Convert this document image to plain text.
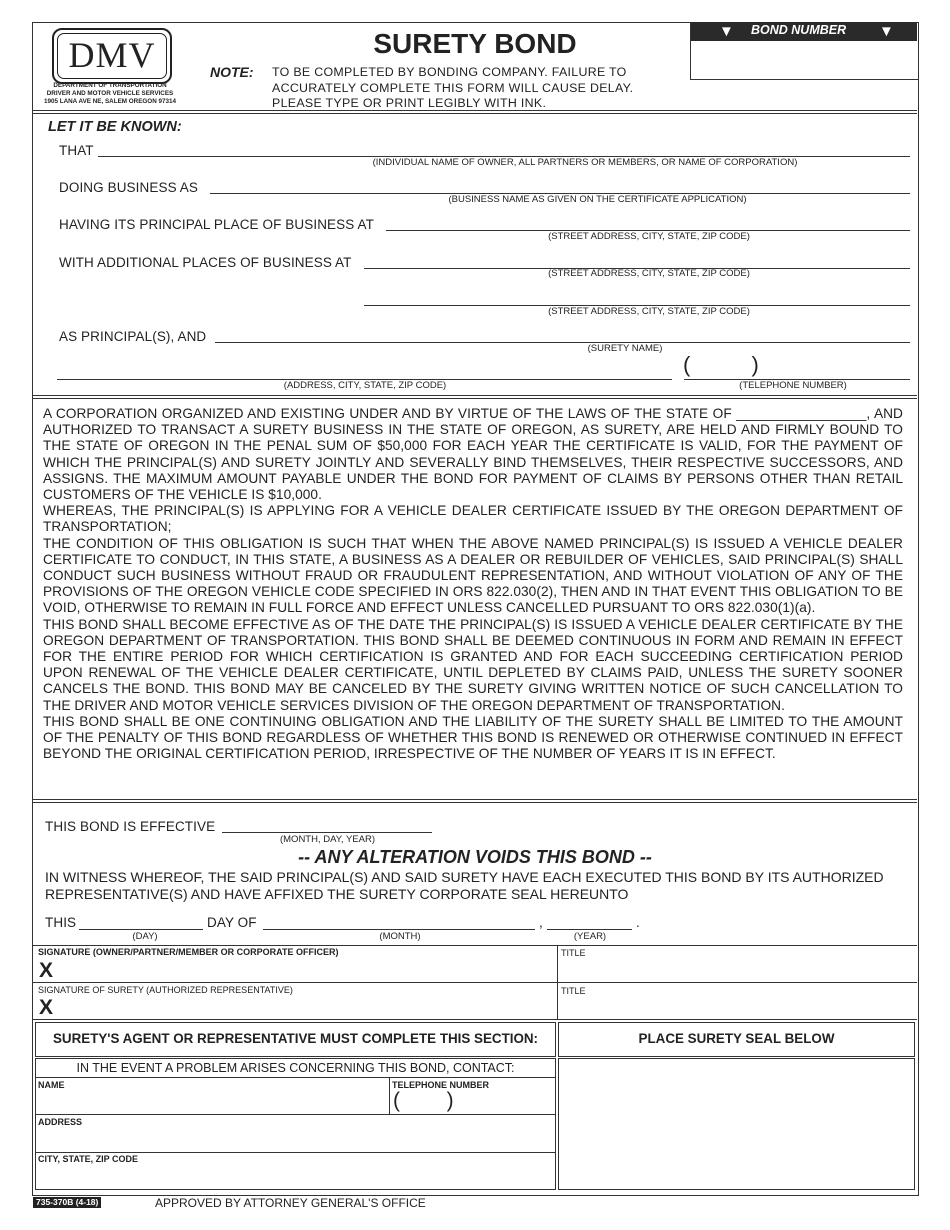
DMV
DEPARTMENT OF TRANSPORTATION
DRIVER AND MOTOR VEHICLE SERVICES
1905 LANA AVE NE, SALEM OREGON 97314
SURETY BOND
NOTE: TO BE COMPLETED BY BONDING COMPANY. FAILURE TO
ACCURATELY COMPLETE THIS FORM WILL CAUSE DELAY.
PLEASE TYPE OR PRINT LEGIBLY WITH INK.
▼ BOND NUMBER ▼
LET IT BE KNOWN:
THAT
(INDIVIDUAL NAME OF OWNER, ALL PARTNERS OR MEMBERS, OR NAME OF CORPORATION)
DOING BUSINESS AS
(BUSINESS NAME AS GIVEN ON THE CERTIFICATE APPLICATION)
HAVING ITS PRINCIPAL PLACE OF BUSINESS AT
(STREET ADDRESS, CITY, STATE, ZIP CODE)
WITH ADDITIONAL PLACES OF BUSINESS AT
(STREET ADDRESS, CITY, STATE, ZIP CODE)
(STREET ADDRESS, CITY, STATE, ZIP CODE)
AS PRINCIPAL(S), AND
(SURETY NAME)
(ADDRESS, CITY, STATE, ZIP CODE)
(          )
(TELEPHONE NUMBER)
A CORPORATION ORGANIZED AND EXISTING UNDER AND BY VIRTUE OF THE LAWS OF THE STATE OF _________________, AND AUTHORIZED TO TRANSACT A SURETY BUSINESS IN THE STATE OF OREGON, AS SURETY, ARE HELD AND FIRMLY BOUND TO THE STATE OF OREGON IN THE PENAL SUM OF $50,000 FOR EACH YEAR THE CERTIFICATE IS VALID, FOR THE PAYMENT OF WHICH THE PRINCIPAL(S) AND SURETY JOINTLY AND SEVERALLY BIND THEMSELVES, THEIR RESPECTIVE SUCCESSORS, AND ASSIGNS. THE MAXIMUM AMOUNT PAYABLE UNDER THE BOND FOR PAYMENT OF CLAIMS BY PERSONS OTHER THAN RETAIL CUSTOMERS OF THE VEHICLE IS $10,000.
WHEREAS, THE PRINCIPAL(S) IS APPLYING FOR A VEHICLE DEALER CERTIFICATE ISSUED BY THE OREGON DEPARTMENT OF TRANSPORTATION;
THE CONDITION OF THIS OBLIGATION IS SUCH THAT WHEN THE ABOVE NAMED PRINCIPAL(S) IS ISSUED A VEHICLE DEALER CERTIFICATE TO CONDUCT, IN THIS STATE, A BUSINESS AS A DEALER OR REBUILDER OF VEHICLES, SAID PRINCIPAL(S) SHALL CONDUCT SUCH BUSINESS WITHOUT FRAUD OR FRAUDULENT REPRESENTATION, AND WITHOUT VIOLATION OF ANY OF THE PROVISIONS OF THE OREGON VEHICLE CODE SPECIFIED IN ORS 822.030(2), THEN AND IN THAT EVENT THIS OBLIGATION TO BE VOID, OTHERWISE TO REMAIN IN FULL FORCE AND EFFECT UNLESS CANCELLED PURSUANT TO ORS 822.030(1)(a).
THIS BOND SHALL BECOME EFFECTIVE AS OF THE DATE THE PRINCIPAL(S) IS ISSUED A VEHICLE DEALER CERTIFICATE BY THE OREGON DEPARTMENT OF TRANSPORTATION. THIS BOND SHALL BE DEEMED CONTINUOUS IN FORM AND REMAIN IN EFFECT FOR THE ENTIRE PERIOD FOR WHICH CERTIFICATION IS GRANTED AND FOR EACH SUCCEEDING CERTIFICATION PERIOD UPON RENEWAL OF THE VEHICLE DEALER CERTIFICATE, UNTIL DEPLETED BY CLAIMS PAID, UNLESS THE SURETY SOONER CANCELS THE BOND. THIS BOND MAY BE CANCELED BY THE SURETY GIVING WRITTEN NOTICE OF SUCH CANCELLATION TO THE DRIVER AND MOTOR VEHICLE SERVICES DIVISION OF THE OREGON DEPARTMENT OF TRANSPORTATION.
THIS BOND SHALL BE ONE CONTINUING OBLIGATION AND THE LIABILITY OF THE SURETY SHALL BE LIMITED TO THE AMOUNT OF THE PENALTY OF THIS BOND REGARDLESS OF WHETHER THIS BOND IS RENEWED OR OTHERWISE CONTINUED IN EFFECT BEYOND THE ORIGINAL CERTIFICATION PERIOD, IRRESPECTIVE OF THE NUMBER OF YEARS IT IS IN EFFECT.
THIS BOND IS EFFECTIVE
(MONTH, DAY, YEAR)
-- ANY ALTERATION VOIDS THIS BOND --
IN WITNESS WHEREOF, THE SAID PRINCIPAL(S) AND SAID SURETY HAVE EACH EXECUTED THIS BOND BY ITS AUTHORIZED REPRESENTATIVE(S) AND HAVE AFFIXED THE SURETY CORPORATE SEAL HEREUNTO
THIS
(DAY)
DAY OF
(MONTH)
,
(YEAR)
.
SIGNATURE (OWNER/PARTNER/MEMBER OR CORPORATE OFFICER)
X
TITLE
SIGNATURE OF SURETY (AUTHORIZED REPRESENTATIVE)
X
TITLE
SURETY'S AGENT OR REPRESENTATIVE MUST COMPLETE THIS SECTION:	PLACE SURETY SEAL BELOW
IN THE EVENT A PROBLEM ARISES CONCERNING THIS BOND, CONTACT:
NAME	TELEPHONE NUMBER
(        )
ADDRESS
CITY, STATE, ZIP CODE
735-370B (4-18)	APPROVED BY ATTORNEY GENERAL'S OFFICE
